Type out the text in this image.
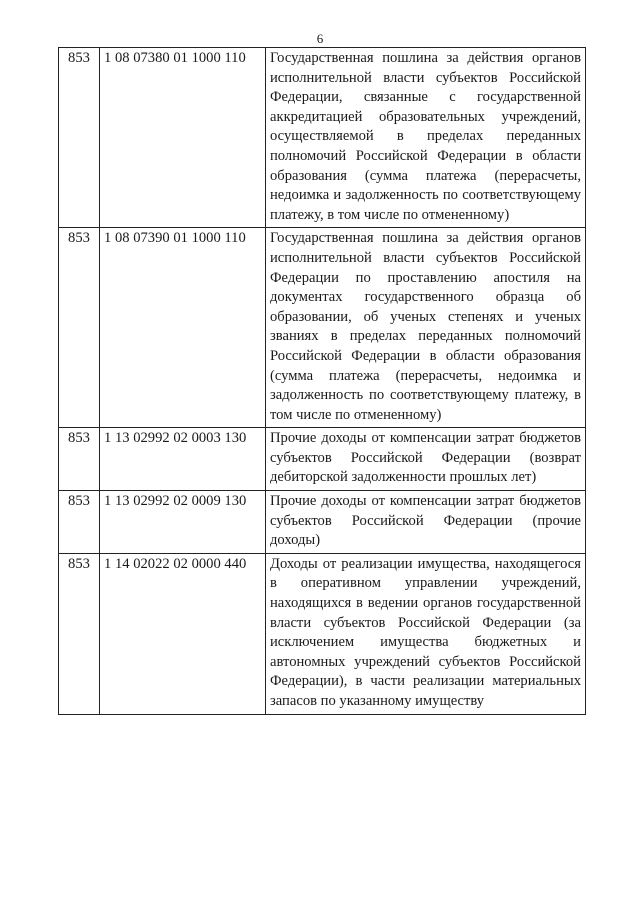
6
853	1 08 07380 01 1000 110	Государственная пошлина за действия органов исполнительной власти субъектов Российской Федерации, связанные с государственной аккредитацией образовательных учреждений, осуществляемой в пределах переданных полномочий Российской Федерации в области образования (сумма платежа (перерасчеты, недоимка и задолженность по соответствующему платежу, в том числе по отмененному)
853	1 08 07390 01 1000 110	Государственная пошлина за действия органов исполнительной власти субъектов Российской Федерации по проставлению апостиля на документах государственного образца об образовании, об ученых степенях и ученых званиях в пределах переданных полномочий Российской Федерации в области образования (сумма платежа (перерасчеты, недоимка и задолженность по соответствующему платежу, в том числе по отмененному)
853	1 13 02992 02 0003 130	Прочие доходы от компенсации затрат бюджетов субъектов Российской Федерации (возврат дебиторской задолженности прошлых лет)
853	1 13 02992 02 0009 130	Прочие доходы от компенсации затрат бюджетов субъектов Российской Федерации (прочие доходы)
853	1 14 02022 02 0000 440	Доходы от реализации имущества, находящегося в оперативном управлении учреждений, находящихся в ведении органов государственной власти субъектов Российской Федерации (за исключением имущества бюджетных и автономных учреждений субъектов Российской Федерации), в части реализации материальных запасов по указанному имуществу
